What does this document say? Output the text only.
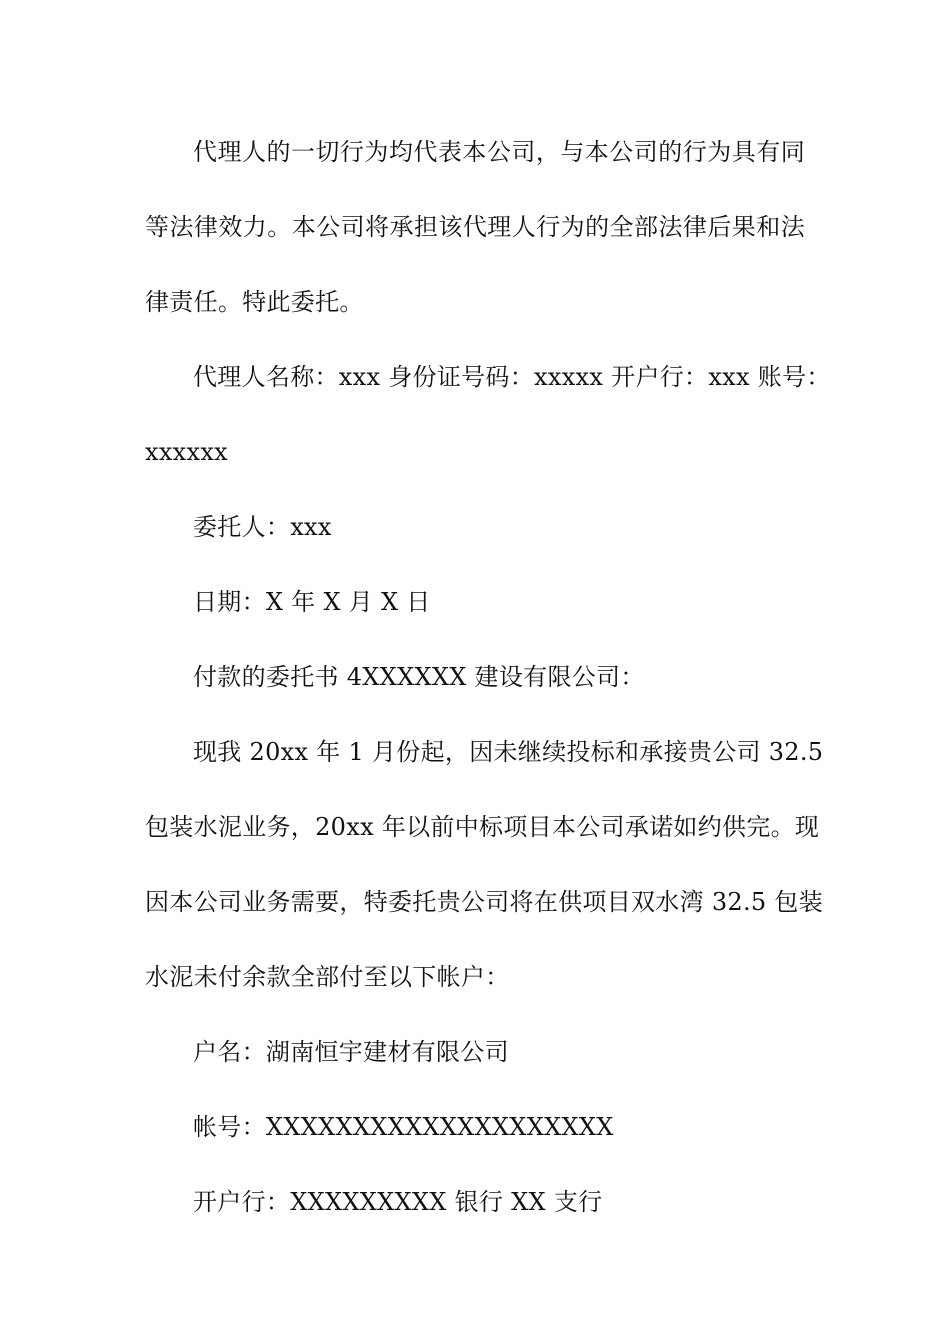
代理人的一切行为均代表本公司，与本公司的行为具有同
等法律效力。本公司将承担该代理人行为的全部法律后果和法
律责任。特此委托。
代理人名称：xxx 身份证号码：xxxxx 开户行：xxx 账号：
xxxxxx
委托人：xxx
日期：X 年 X 月 X 日
付款的委托书 4XXXXXX 建设有限公司：
现我 20xx 年 1 月份起，因未继续投标和承接贵公司 32.5
包装水泥业务，20xx 年以前中标项目本公司承诺如约供完。现
因本公司业务需要，特委托贵公司将在供项目双水湾 32.5 包装
水泥未付余款全部付至以下帐户：
户名：湖南恒宇建材有限公司
帐号：XXXXXXXXXXXXXXXXXXXX
开户行：XXXXXXXXX 银行 XX 支行
